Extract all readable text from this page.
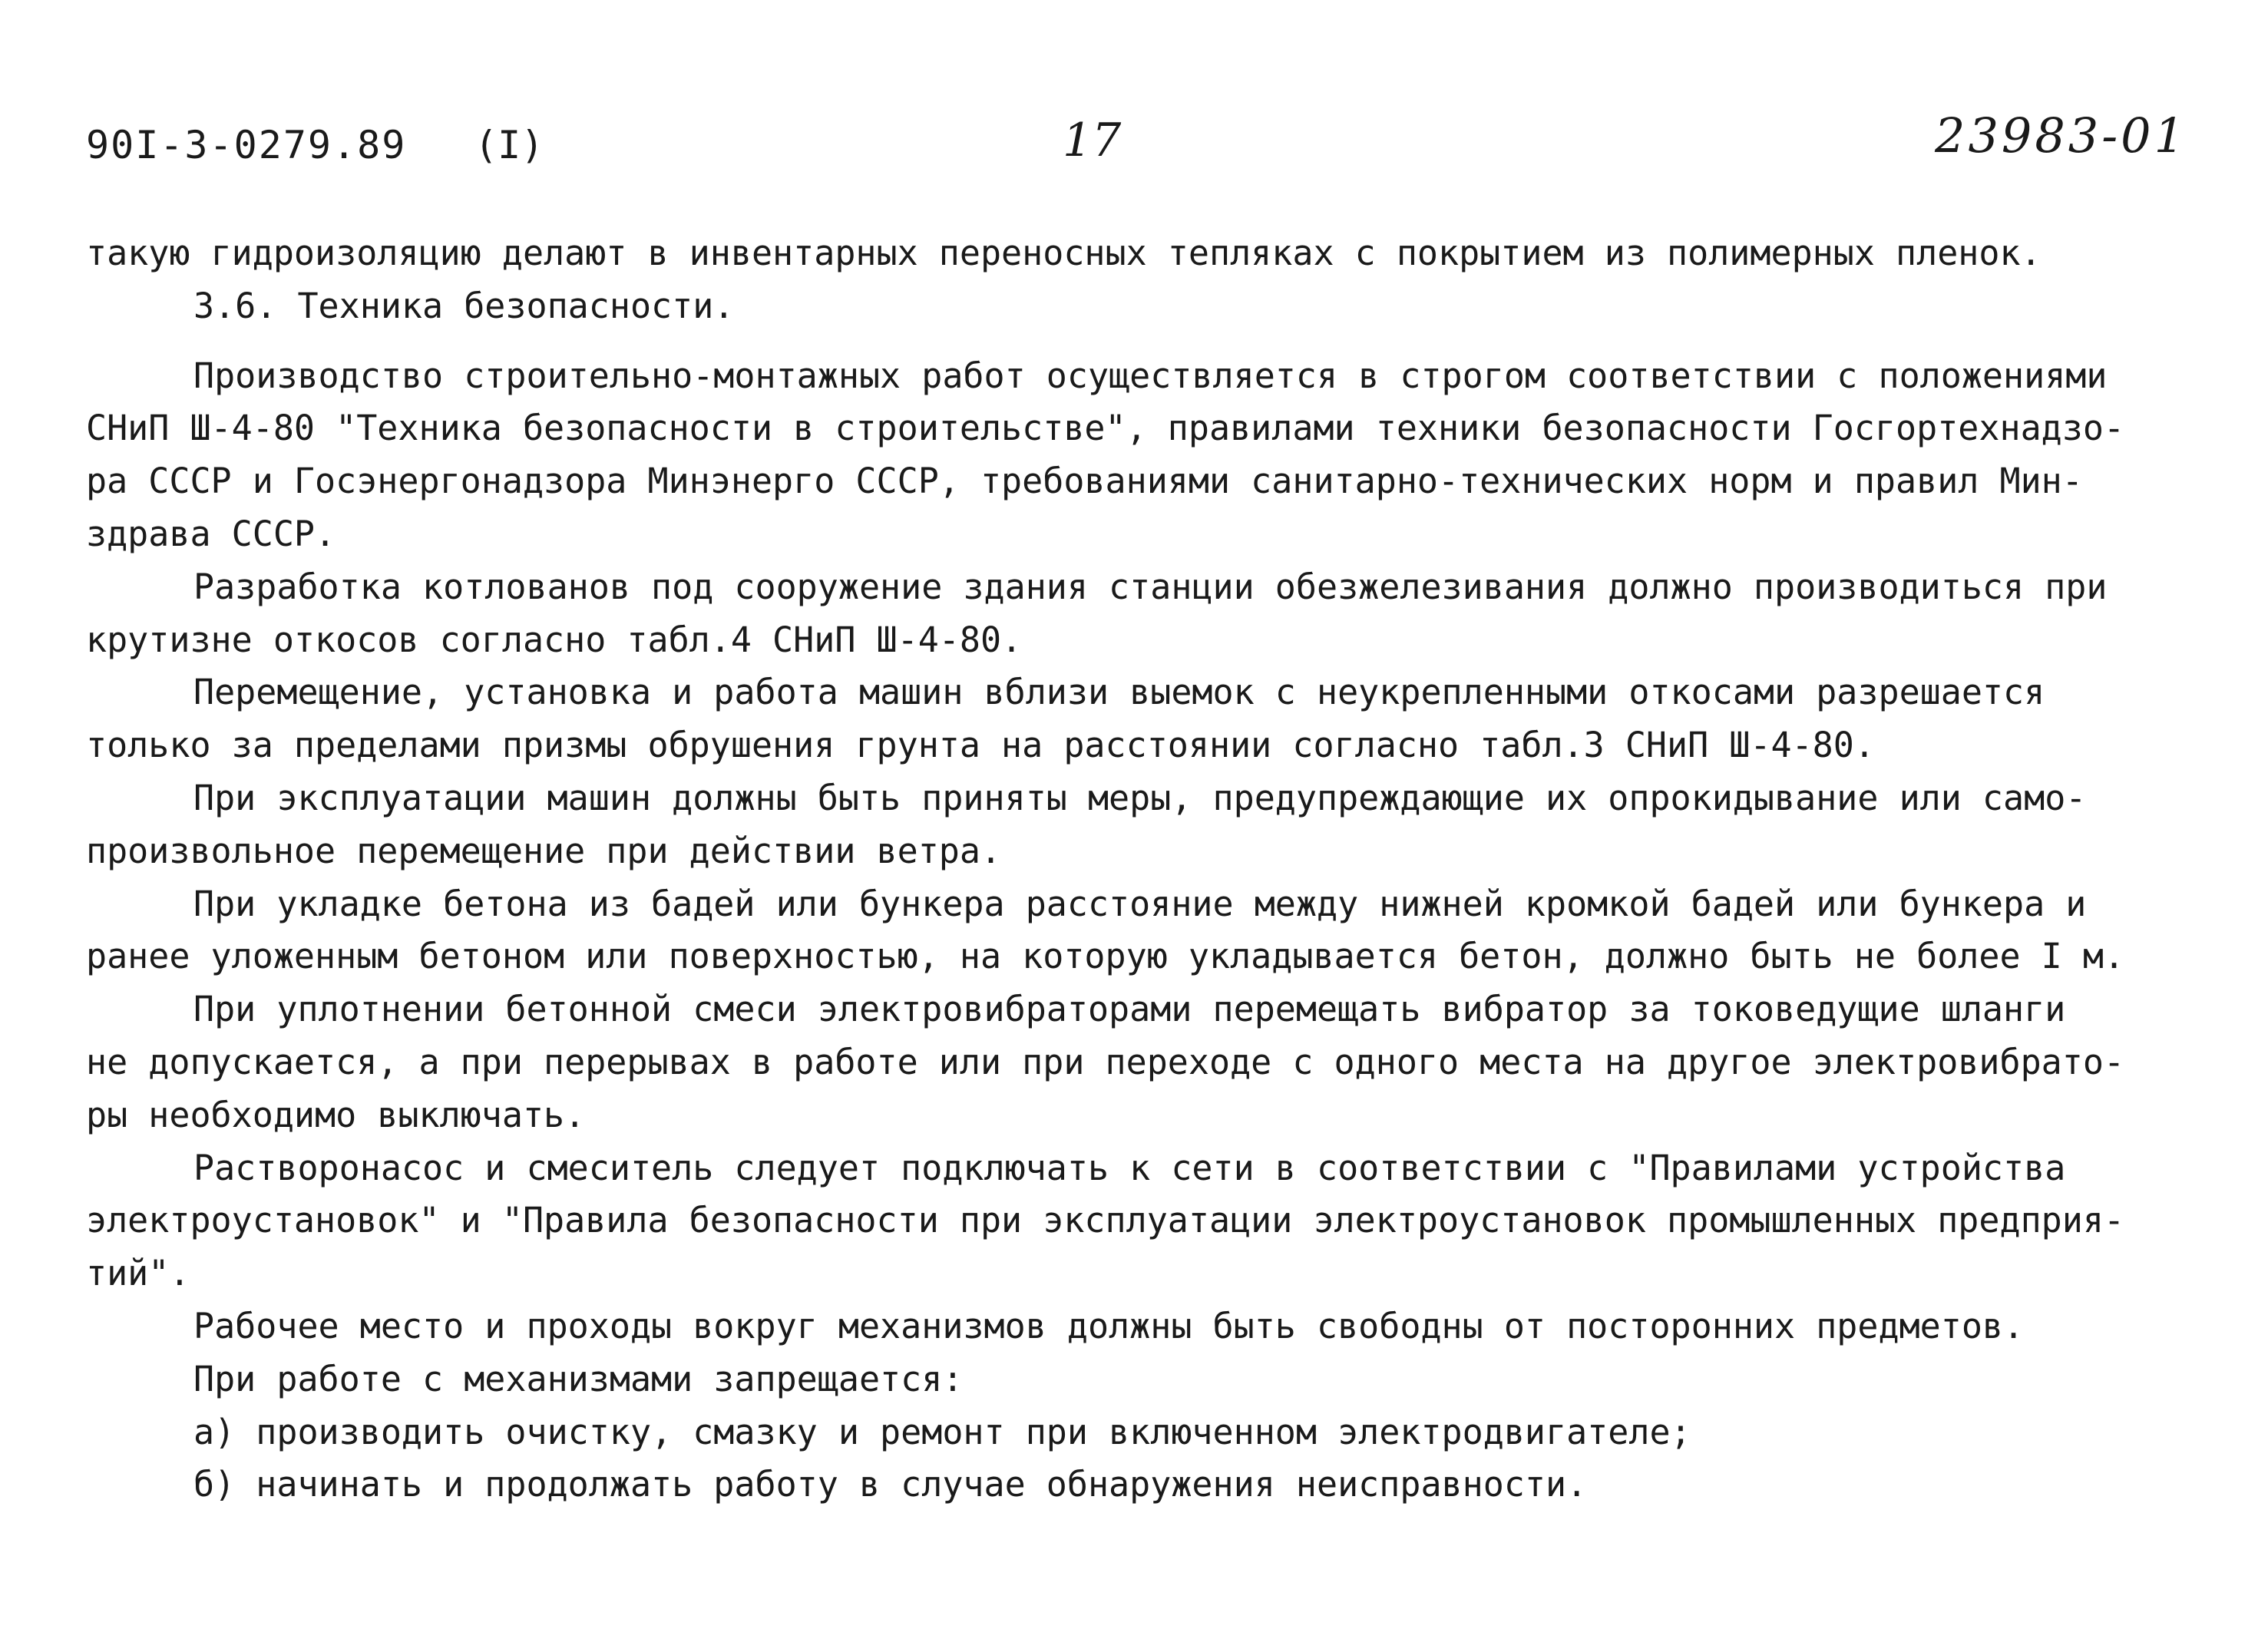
90I-3-0279.89 (I)	17	23983-01
такую гидроизоляцию делают в инвентарных переносных тепляках с покрытием из полимерных пленок.
3.6. Техника безопасности.
Производство строительно-монтажных работ осуществляется в строгом соответствии с положениями
СНиП Ш-4-80 "Техника безопасности в строительстве", правилами техники безопасности Госгортехнадзо-
ра СССР и Госэнергонадзора Минэнерго СССР, требованиями санитарно-технических норм и правил Мин-
здрава СССР.
Разработка котлованов под сооружение здания станции обезжелезивания должно производиться при
крутизне откосов согласно табл.4 СНиП Ш-4-80.
Перемещение, установка и работа машин вблизи выемок с неукрепленными откосами разрешается
только за пределами призмы обрушения грунта на расстоянии согласно табл.3 СНиП Ш-4-80.
При эксплуатации машин должны быть приняты меры, предупреждающие их опрокидывание или само-
произвольное перемещение при действии ветра.
При укладке бетона из бадей или бункера расстояние между нижней кромкой бадей или бункера и
ранее уложенным бетоном или поверхностью, на которую укладывается бетон, должно быть не более I м.
При уплотнении бетонной смеси электровибраторами перемещать вибратор за токоведущие шланги
не допускается, а при перерывах в работе или при переходе с одного места на другое электровибрато-
ры необходимо выключать.
Растворонасос и смеситель следует подключать к сети в соответствии с "Правилами устройства
электроустановок" и "Правила безопасности при эксплуатации электроустановок промышленных предприя-
тий".
Рабочее место и проходы вокруг механизмов должны быть свободны от посторонних предметов.
При работе с механизмами запрещается:
а) производить очистку, смазку и ремонт при включенном электродвигателе;
б) начинать и продолжать работу в случае обнаружения неисправности.
